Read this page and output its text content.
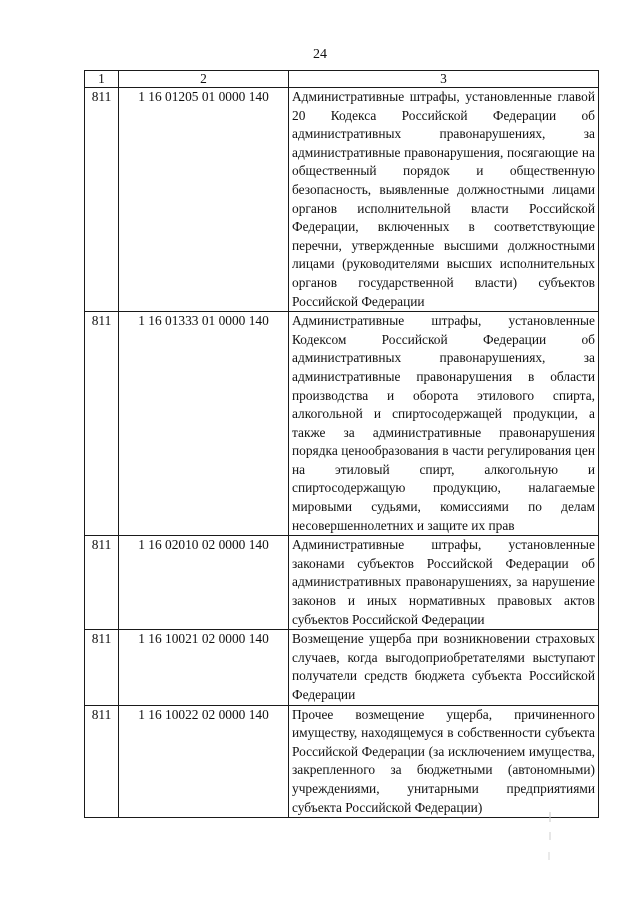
24
1	2	3
811	1 16 01205 01 0000 140	Административные штрафы, установленные главой 20 Кодекса Российской Федерации об административных правонарушениях, за административные правонарушения, посягающие на общественный порядок и общественную безопасность, выявленные должностными лицами органов исполнительной власти Российской Федерации, включенных в соответствующие перечни, утвержденные высшими должностными лицами (руководителями высших исполнительных органов государственной власти) субъектов Российской Федерации
811	1 16 01333 01 0000 140	Административные штрафы, установленные Кодексом Российской Федерации об административных правонарушениях, за административные правонарушения в области производства и оборота этилового спирта, алкогольной и спиртосодержащей продукции, а также за административные правонарушения порядка ценообразования в части регулирования цен на этиловый спирт, алкогольную и спиртосодержащую продукцию, налагаемые мировыми судьями, комиссиями по делам несовершеннолетних и защите их прав
811	1 16 02010 02 0000 140	Административные штрафы, установленные законами субъектов Российской Федерации об административных правонарушениях, за нарушение законов и иных нормативных правовых актов субъектов Российской Федерации
811	1 16 10021 02 0000 140	Возмещение ущерба при возникновении страховых случаев, когда выгодоприобретателями выступают получатели средств бюджета субъекта Российской Федерации
811	1 16 10022 02 0000 140	Прочее возмещение ущерба, причиненного имуществу, находящемуся в собственности субъекта Российской Федерации (за исключением имущества, закрепленного за бюджетными (автономными) учреждениями, унитарными предприятиями субъекта Российской Федерации)
